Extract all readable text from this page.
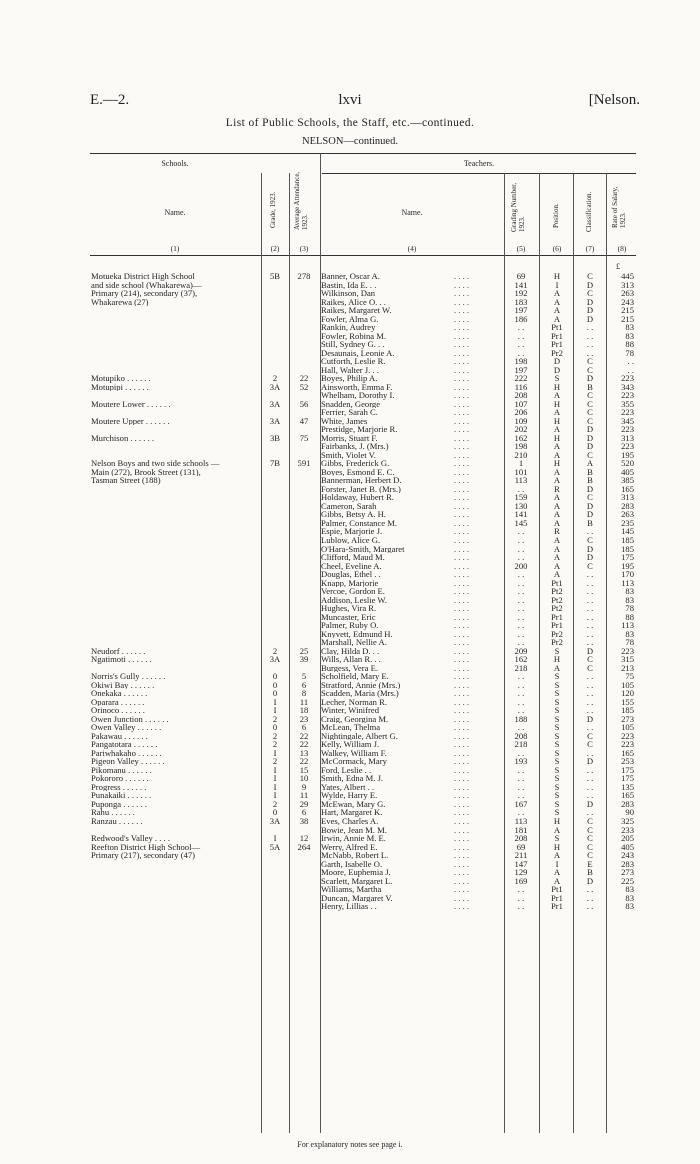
E.—2.	lxvi	[Nelson.
List of Public Schools, the Staff, etc.—continued.
NELSON—continued.
Schools.	Teachers.
Name.	Grade, 1923. Average Attendance, 1923.
Name.	Grading Number, 1923.	Position.	Classification.	Rate of Salary, 1923.
(1)	(2)	(3)	(4)	(5)	(6)	(7)	(8)
£
Motueka District High School	5B	278	Banner, Oscar A.	. . . .	69	H	C	445
and side school (Whakarewa)—	Bastin, Ida E. . .	. . . .	141	I	D	313
Primary (214), secondary (37),	Wilkinson, Dan	. . . .	192	A	C	263
Whakarewa (27)	Raikes, Alice O. . .	. . . .	183	A	D	243
Raikes, Margaret W.	. . . .	197	A	D	215
Fowler, Alma G.	. . . .	186	A	D	215
Rankin, Audrey	. . . .	. .	Pt1	. .	83
Fowler, Robina M.	. . . .	. .	Pr1	. .	83
Still, Sydney G. . .	. . . .	. .	Pr1	. .	88
Desaunais, Leonie A.	. . . .	. .	Pr2	. .	78
Cutforth, Leslie R.	. . . .	198	D	C	. .
Hall, Walter J. . .	. . . .	197	D	C	. .
Motupiko . . . . . .	2	22	Boyes, Philip A.	. . . .	222	S	D	223
Motupipi . . . . . .	3A	52	Ainsworth, Emma F.	. . . .	116	H	B	343
Whelham, Dorothy I.	. . . .	208	A	C	223
Moutere Lower . . . . . .	3A	56	Snadden, George	. . . .	107	H	C	355
Ferrier, Sarah C.	. . . .	206	A	C	223
Moutere Upper . . . . . .	3A	47	White, James	. . . .	109	H	C	345
Prestidge, Marjorie R.	. . . .	202	A	D	223
Murchison . . . . . .	3B	75	Morris, Stuart F.	. . . .	162	H	D	313
Fairbanks, J. (Mrs.)	. . . .	198	A	D	223
Smith, Violet V.	. . . .	210	A	C	195
Nelson Boys and two side schools —	7B	591	Gibbs, Frederick G.	. . . .	1	H	A	520
Main (272), Brook Street (131),	Boyes, Esmond E. C.	. . . .	101	A	B	405
Tasman Street (188)	Bannerman, Herbert D.	. . . .	113	A	B	385
Forster, Janet B. (Mrs.)	. . . .	. .	R	D	165
Holdaway, Hubert R.	. . . .	159	A	C	313
Cameron, Sarah	. . . .	130	A	D	283
Gibbs, Betsy A. H.	. . . .	141	A	D	263
Palmer, Constance M.	. . . .	145	A	B	235
Espie, Marjorie J.	. . . .	. .	R	. .	145
Lublow, Alice G.	. . . .	. .	A	C	185
O'Hara-Smith, Margaret	. . . .	. .	A	D	185
Clifford, Maud M.	. . . .	. .	A	D	175
Cheel, Eveline A.	. . . .	200	A	C	195
Douglas, Ethel . .	. . . .	. .	A	. .	170
Knapp, Marjorie	. . . .	. .	Pt1	. .	113
Vercoe, Gordon E.	. . . .	. .	Pt2	. .	83
Addison, Leslie W.	. . . .	. .	Pt2	. .	83
Hughes, Vira R.	. . . .	. .	Pt2	. .	78
Muncaster, Eric	. . . .	. .	Pr1	. .	88
Palmer, Ruby O.	. . . .	. .	Pr1	. .	113
Knyvett, Edmund H.	. . . .	. .	Pr2	. .	83
Marshall, Nellie A.	. . . .	. .	Pr2	. .	78
Neudorf . . . . . .	2	25	Clay, Hilda D. . .	. . . .	209	S	D	223
Ngatimoti . . . . . .	3A	39	Wills, Allan R. . .	. . . .	162	H	C	315
Burgess, Vera E.	. . . .	218	A	C	213
Norris's Gully . . . . . .	0	5	Scholfield, Mary E.	. . . .	. .	S	. .	75
Okiwi Bay . . . . . .	0	6	Stratford, Annie (Mrs.)	. . . .	. .	S	. .	105
Onekaka . . . . . .	0	8	Scadden, Maria (Mrs.)	. . . .	. .	S	. .	120
Oparara . . . . . .	I	11	Lecher, Norman R.	. . . .	. .	S	. .	155
Orinoco . . . . . .	I	18	Winter, Winifred	. . . .	. .	S	. .	185
Owen Junction . . . . . .	2	23	Craig, Georgina M.	. . . .	188	S	D	273
Owen Valley . . . . . .	0	6	McLean, Thelma	. . . .	. .	S	. .	105
Pakawau . . . . . .	2	22	Nightingale, Albert G.	. . . .	208	S	C	223
Pangatotara . . . . . .	2	22	Kelly, William J.	. . . .	218	S	C	223
Pariwhakaho . . . . . .	I	13	Walkey, William F.	. . . .	. .	S	. .	165
Pigeon Valley . . . . . .	2	22	McCormack, Mary	. . . .	193	S	D	253
Pikomanu . . . . . .	I	15	Ford, Leslie . .	. . . .	. .	S	. .	175
Pokororo . . . . . .	I	10	Smith, Edna M. J.	. . . .	. .	S	. .	175
Progress . . . . . .	I	9	Yates, Albert . .	. . . .	. .	S	. .	135
Punakaiki . . . . . .	I	11	Wylde, Harry E.	. . . .	. .	S	. .	165
Puponga . . . . . .	2	29	McEwan, Mary G.	. . . .	167	S	D	283
Rahu . . . . . .	0	6	Hart, Margaret K.	. . . .	. .	S	. .	90
Ranzau . . . . . .	3A	38	Eves, Charles A.	. . . .	113	H	C	325
Bowie, Jean M. M.	. . . .	181	A	C	233
Redwood's Valley . . . .	I	12	Irwin, Annie M. E.	. . . .	208	S	C	205
Reefton District High School—	5A	264	Werry, Alfred E.	. . . .	69	H	C	405
Primary (217), secondary (47)	McNabb, Robert L.	. . . .	211	A	C	243
Garth, Isabelle O.	. . . .	147	I	E	283
Moore, Euphemia J.	. . . .	129	A	B	273
Scarlett, Margaret L.	. . . .	169	A	D	225
Williams, Martha	. . . .	. .	Pt1	. .	83
Duncan, Margaret V.	. . . .	. .	Pr1	. .	83
Henry, Lillias . .	. . . .	. .	Pr1	. .	83
For explanatory notes see page i.
